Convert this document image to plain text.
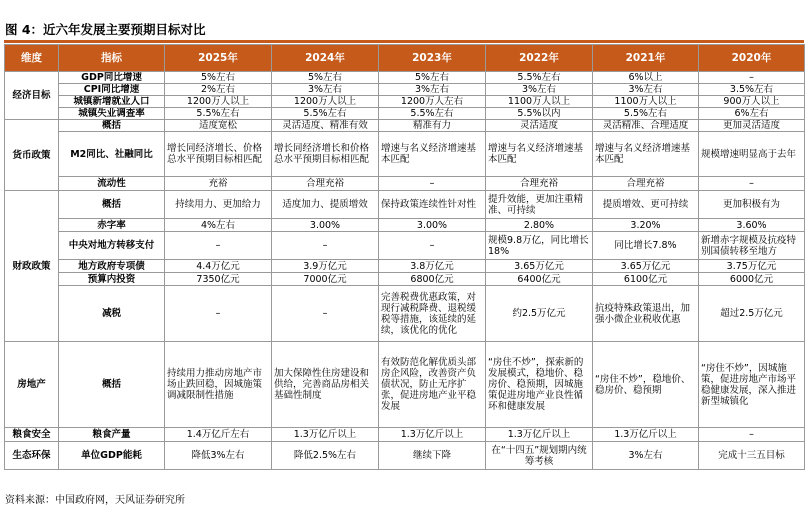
图 4：近六年发展主要预期目标对比
维度	指标	2025年	2024年	2023年	2022年	2021年	2020年
经济目标	GDP同比增速	5%左右	5%左右	5%左右	5.5%左右	6%以上	–
	CPI同比增速	2%左右	3%左右	3%左右	3%左右	3%左右	3.5%左右
	城镇新增就业人口	1200万人以上	1200万人以上	1200万人左右	1100万人以上	1100万人以上	900万人以上
	城镇失业调查率	5.5%左右	5.5%左右	5.5%左右	5.5%以内	5.5%左右	6%左右
货币政策	概括	适度宽松	灵活适度、精准有效	精准有力	灵活适度	灵活精准、合理适度	更加灵活适度
	M2同比、社融同比	增长同经济增长、价格总水平预期目标相匹配	增长同经济增长和价格总水平预期目标相匹配	增速与名义经济增速基本匹配	增速与名义经济增速基本匹配	增速与名义经济增速基本匹配	规模增速明显高于去年
	流动性	充裕	合理充裕	–	合理充裕	合理充裕	–
财政政策	概括	持续用力、更加给力	适度加力、提质增效	保持政策连续性针对性	提升效能，更加注重精准、可持续	提质增效、更可持续	更加积极有为
	赤字率	4%左右	3.00%	3.00%	2.80%	3.20%	3.60%
	中央对地方转移支付	–	–	–	规模9.8万亿，同比增长18%	同比增长7.8%	新增赤字规模及抗疫特别国债转移至地方
	地方政府专项债	4.4万亿元	3.9万亿元	3.8万亿元	3.65万亿元	3.65万亿元	3.75万亿元
	预算内投资	7350亿元	7000亿元	6800亿元	6400亿元	6100亿元	6000亿元
	减税	–	–	完善税费优惠政策，对现行减税降费、退税缓税等措施，该延续的延续，该优化的优化	约2.5万亿元	抗疫特殊政策退出，加强小微企业税收优惠	超过2.5万亿元
房地产	概括	持续用力推动房地产市场止跌回稳，因城施策调减限制性措施	加大保障性住房建设和供给，完善商品房相关基础性制度	有效防范化解优质头部房企风险，改善资产负债状况，防止无序扩张，促进房地产业平稳发展	“房住不炒”，探索新的发展模式，稳地价、稳房价、稳预期，因城施策促进房地产业良性循环和健康发展	“房住不炒”，稳地价、稳房价、稳预期	“房住不炒”，因城施策，促进房地产市场平稳健康发展，深入推进新型城镇化
粮食安全	粮食产量	1.4万亿斤左右	1.3万亿斤以上	1.3万亿斤以上	1.3万亿斤以上	1.3万亿斤以上	–
生态环保	单位GDP能耗	降低3%左右	降低2.5%左右	继续下降	在“十四五”规划期内统筹考核	3%左右	完成十三五目标
资料来源：中国政府网，天风证券研究所
